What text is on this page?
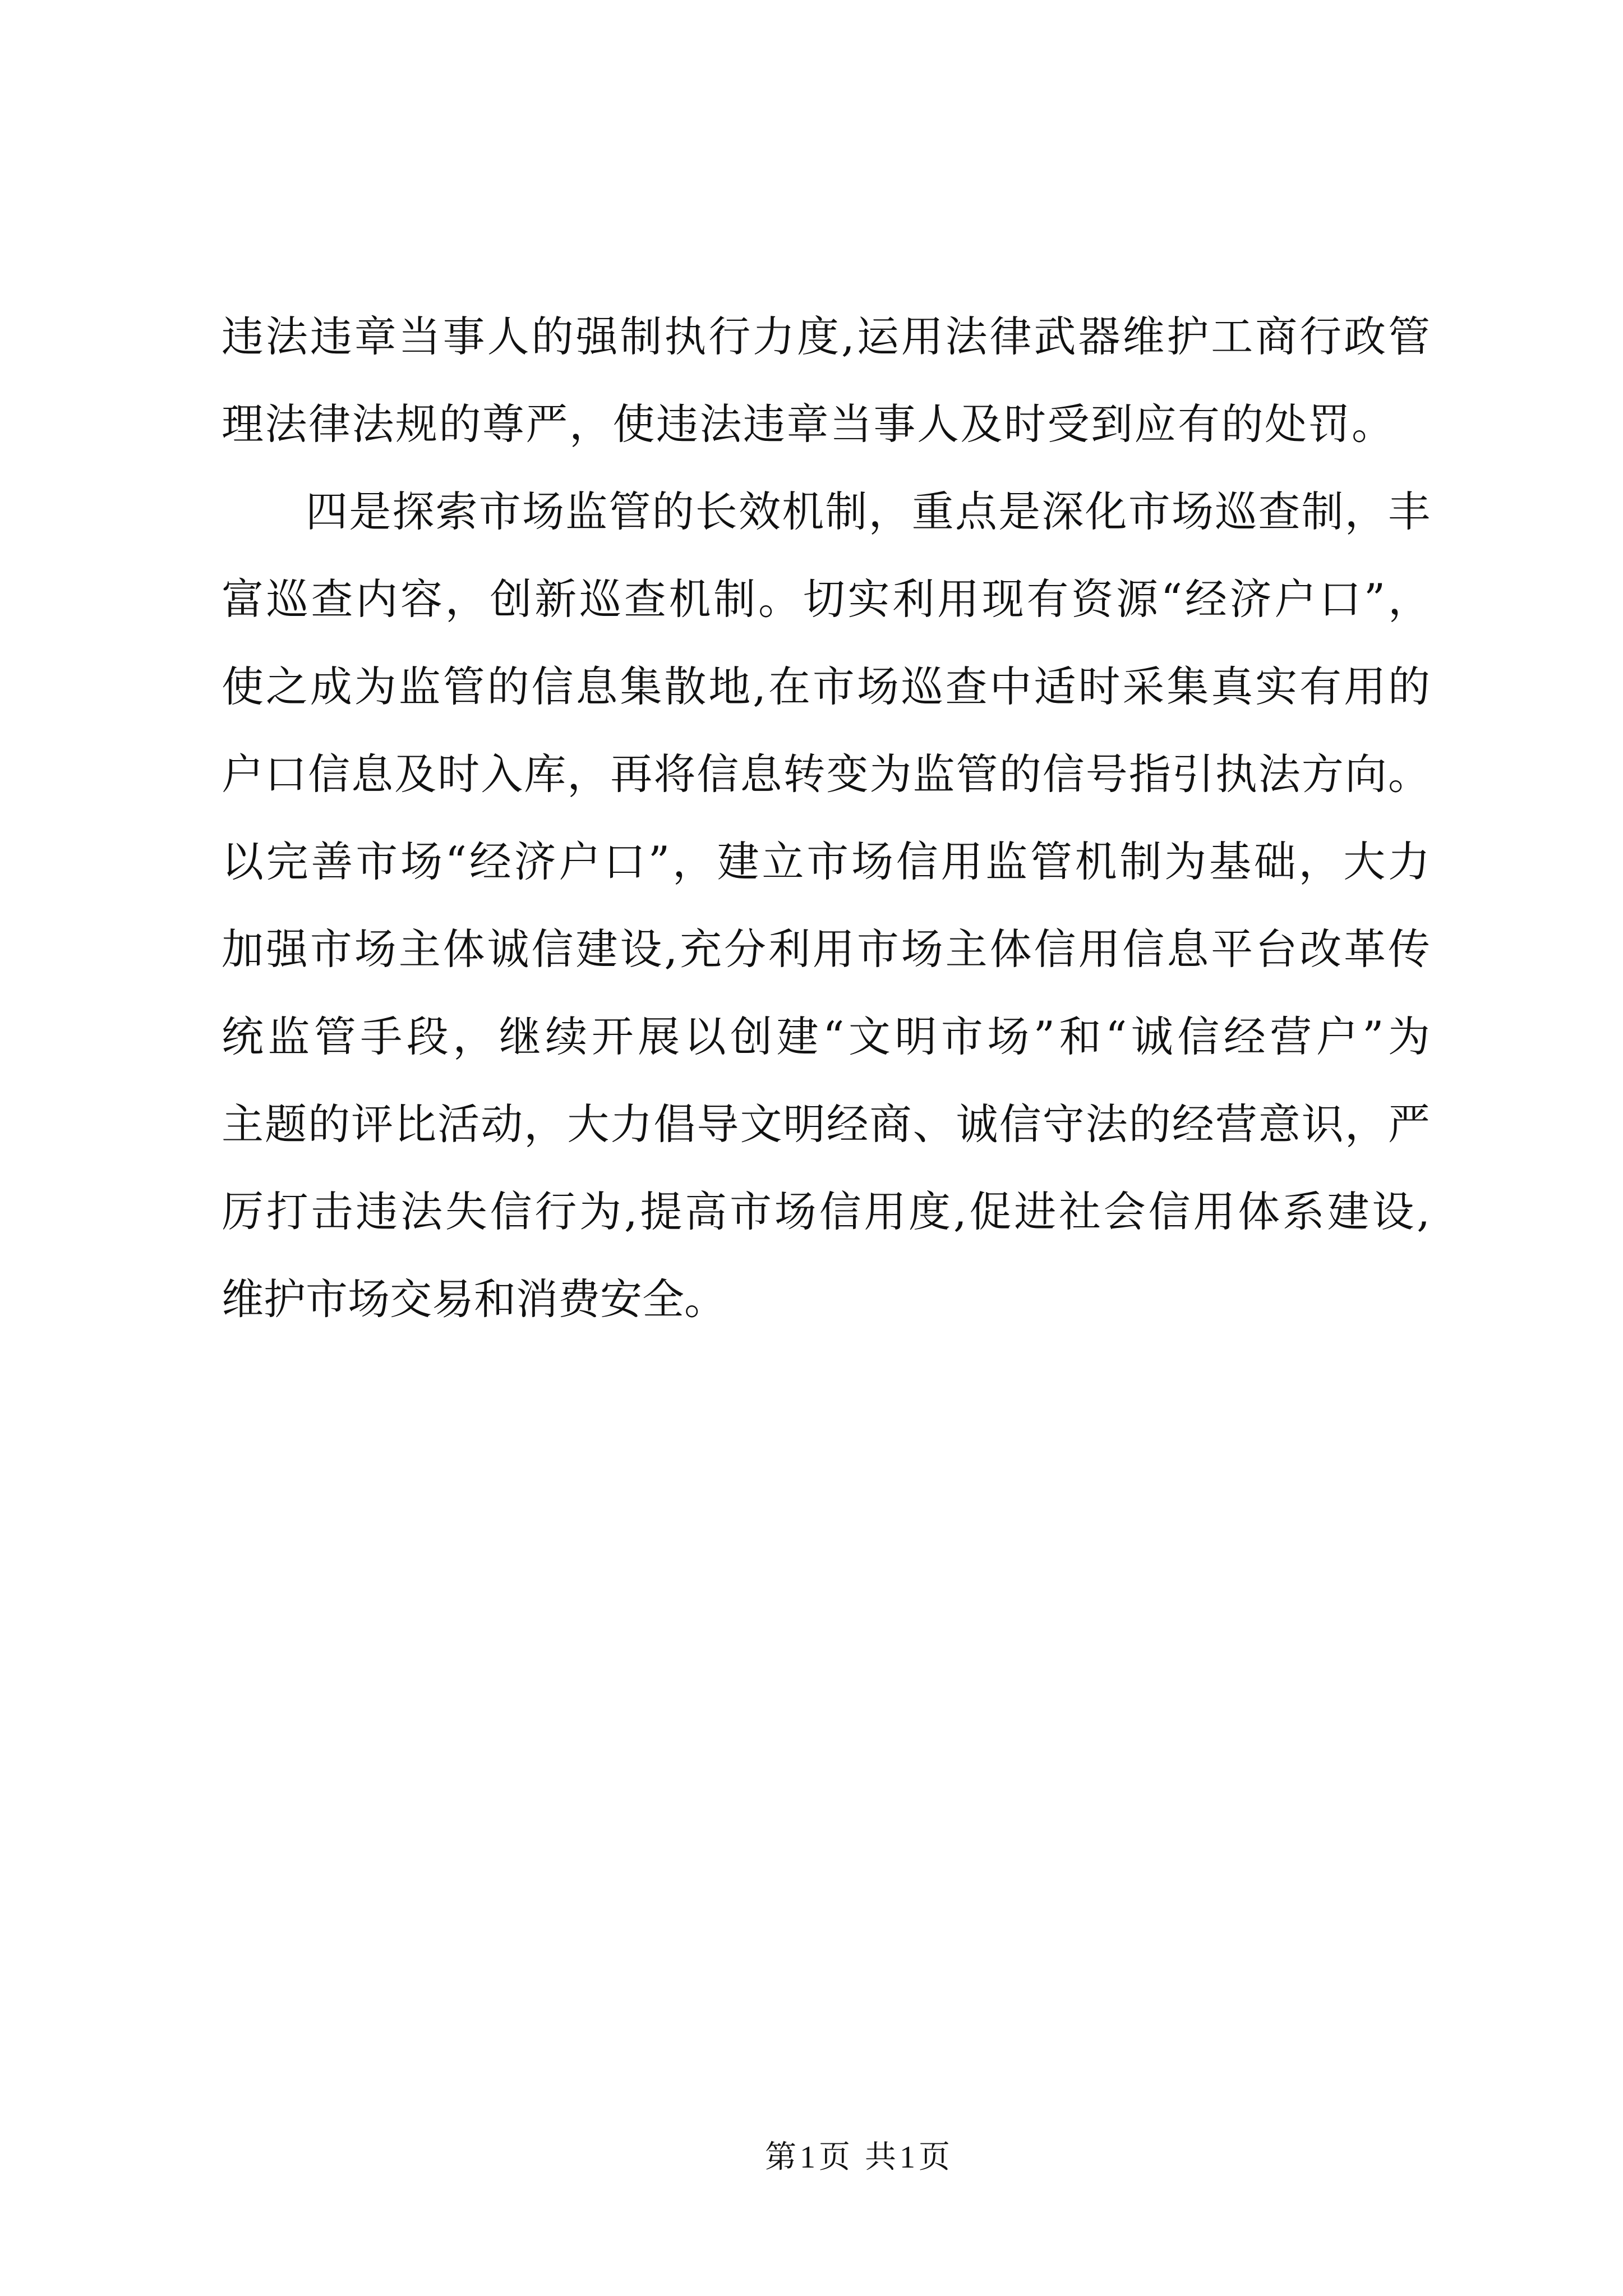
违法违章当事人的强制执行力度,运用法律武器维护工商行政管
理法律法规的尊严，使违法违章当事人及时受到应有的处罚。
四是探索市场监管的长效机制，重点是深化市场巡查制，丰
富巡查内容，创新巡查机制。切实利用现有资源“经济户口”，
使之成为监管的信息集散地,在市场巡查中适时采集真实有用的
户口信息及时入库，再将信息转变为监管的信号指引执法方向。
以完善市场“经济户口”，建立市场信用监管机制为基础，大力
加强市场主体诚信建设,充分利用市场主体信用信息平台改革传
统监管手段，继续开展以创建“文明市场”和“诚信经营户”为
主题的评比活动，大力倡导文明经商、诚信守法的经营意识，严
厉打击违法失信行为,提高市场信用度,促进社会信用体系建设,
维护市场交易和消费安全。
第1页 共1页
